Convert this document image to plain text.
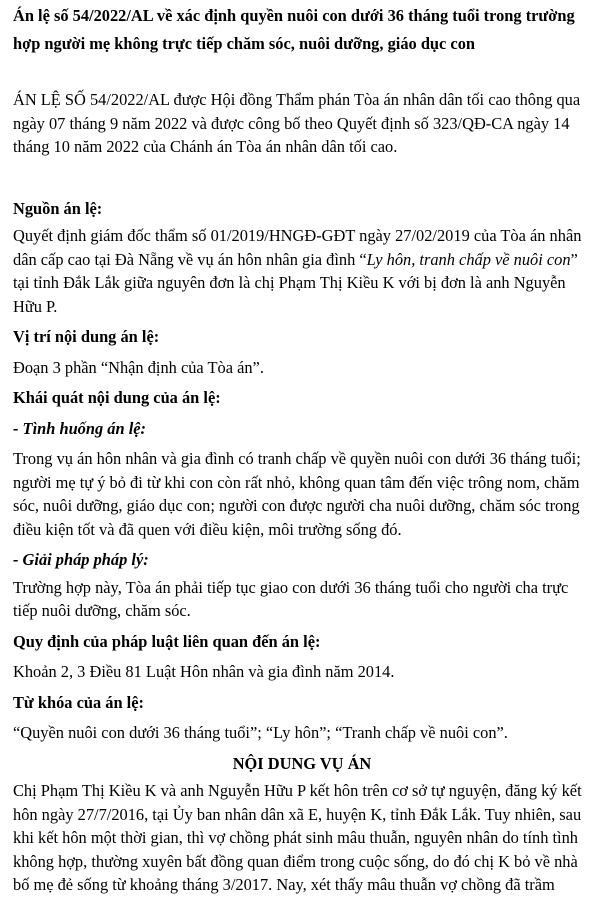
Án lệ số 54/2022/AL về xác định quyền nuôi con dưới 36 tháng tuổi trong trường

hợp người mẹ không trực tiếp chăm sóc, nuôi dưỡng, giáo dục con

ÁN LỆ SỐ 54/2022/AL được Hội đồng Thẩm phán Tòa án nhân dân tối cao thông qua

ngày 07 tháng 9 năm 2022 và được công bố theo Quyết định số 323/QĐ-CA ngày 14

tháng 10 năm 2022 của Chánh án Tòa án nhân dân tối cao.

Nguồn án lệ:

Quyết định giám đốc thẩm số 01/2019/HNGĐ-GĐT ngày 27/02/2019 của Tòa án nhân

dân cấp cao tại Đà Nẵng về vụ án hôn nhân gia đình “Ly hôn, tranh chấp về nuôi con”

tại tỉnh Đắk Lắk giữa nguyên đơn là chị Phạm Thị Kiều K với bị đơn là anh Nguyễn

Hữu P.

Vị trí nội dung án lệ:

Đoạn 3 phần “Nhận định của Tòa án”.

Khái quát nội dung của án lệ:

- Tình huống án lệ:

Trong vụ án hôn nhân và gia đình có tranh chấp về quyền nuôi con dưới 36 tháng tuổi;

người mẹ tự ý bỏ đi từ khi con còn rất nhỏ, không quan tâm đến việc trông nom, chăm

sóc, nuôi dưỡng, giáo dục con; người con được người cha nuôi dưỡng, chăm sóc trong

điều kiện tốt và đã quen với điều kiện, môi trường sống đó.

- Giải pháp pháp lý:

Trường hợp này, Tòa án phải tiếp tục giao con dưới 36 tháng tuổi cho người cha trực

tiếp nuôi dưỡng, chăm sóc.

Quy định của pháp luật liên quan đến án lệ:

Khoản 2, 3 Điều 81 Luật Hôn nhân và gia đình năm 2014.

Từ khóa của án lệ:

“Quyền nuôi con dưới 36 tháng tuổi”; “Ly hôn”; “Tranh chấp về nuôi con”.

NỘI DUNG VỤ ÁN

Chị Phạm Thị Kiều K và anh Nguyễn Hữu P kết hôn trên cơ sở tự nguyện, đăng ký kết

hôn ngày 27/7/2016, tại Ủy ban nhân dân xã E, huyện K, tỉnh Đắk Lắk. Tuy nhiên, sau

khi kết hôn một thời gian, thì vợ chồng phát sinh mâu thuẫn, nguyên nhân do tính tình

không hợp, thường xuyên bất đồng quan điểm trong cuộc sống, do đó chị K bỏ về nhà

bố mẹ đẻ sống từ khoảng tháng 3/2017. Nay, xét thấy mâu thuẫn vợ chồng đã trầm
